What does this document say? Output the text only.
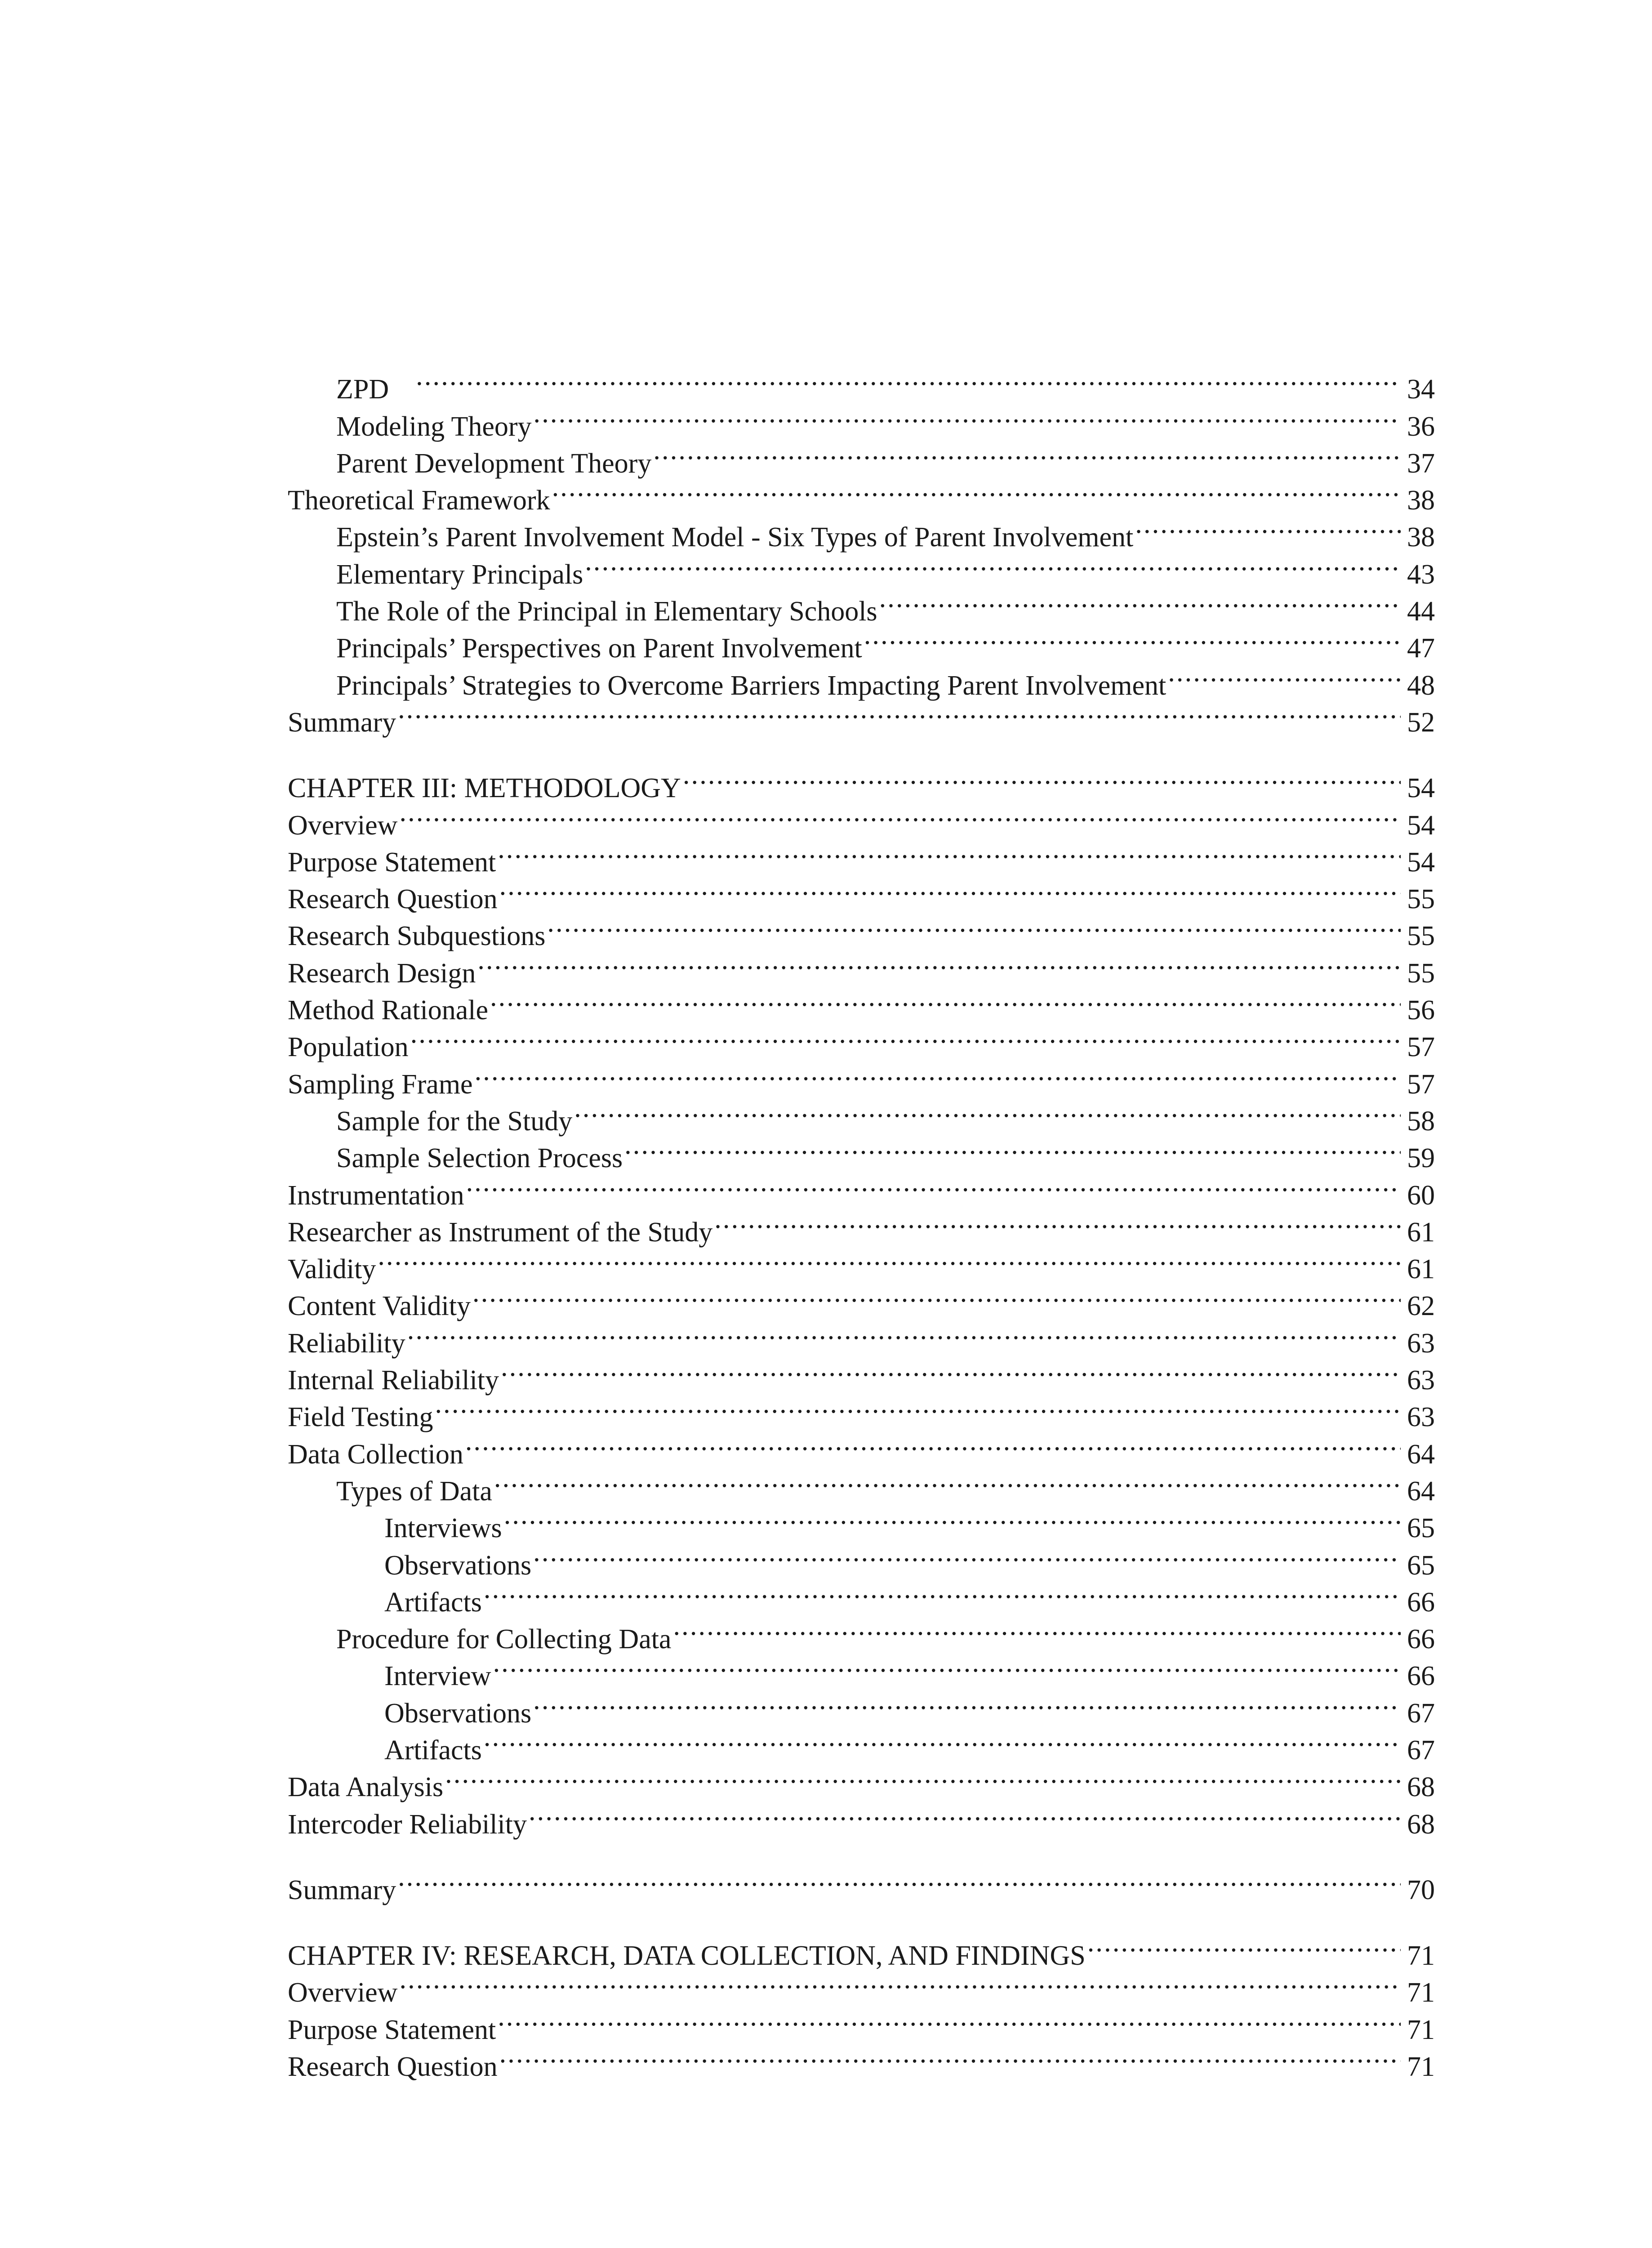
ZPD .....	34
Modeling Theory .....	36
Parent Development Theory .....	37
Theoretical Framework .....	38
Epstein’s Parent Involvement Model - Six Types of Parent Involvement .....	38
Elementary Principals .....	43
The Role of the Principal in Elementary Schools .....	44
Principals’ Perspectives on Parent Involvement .....	47
Principals’ Strategies to Overcome Barriers Impacting Parent Involvement .....	48
Summary .....	52
CHAPTER III: METHODOLOGY .....	54
Overview .....	54
Purpose Statement .....	54
Research Question .....	55
Research Subquestions .....	55
Research Design .....	55
Method Rationale .....	56
Population .....	57
Sampling Frame .....	57
Sample for the Study .....	58
Sample Selection Process .....	59
Instrumentation .....	60
Researcher as Instrument of the Study .....	61
Validity .....	61
Content Validity .....	62
Reliability .....	63
Internal Reliability .....	63
Field Testing .....	63
Data Collection .....	64
Types of Data .....	64
Interviews .....	65
Observations .....	65
Artifacts .....	66
Procedure for Collecting Data .....	66
Interview .....	66
Observations .....	67
Artifacts .....	67
Data Analysis .....	68
Intercoder Reliability .....	68
Summary .....	70
CHAPTER IV: RESEARCH, DATA COLLECTION, AND FINDINGS .....	71
Overview .....	71
Purpose Statement .....	71
Research Question .....	71
